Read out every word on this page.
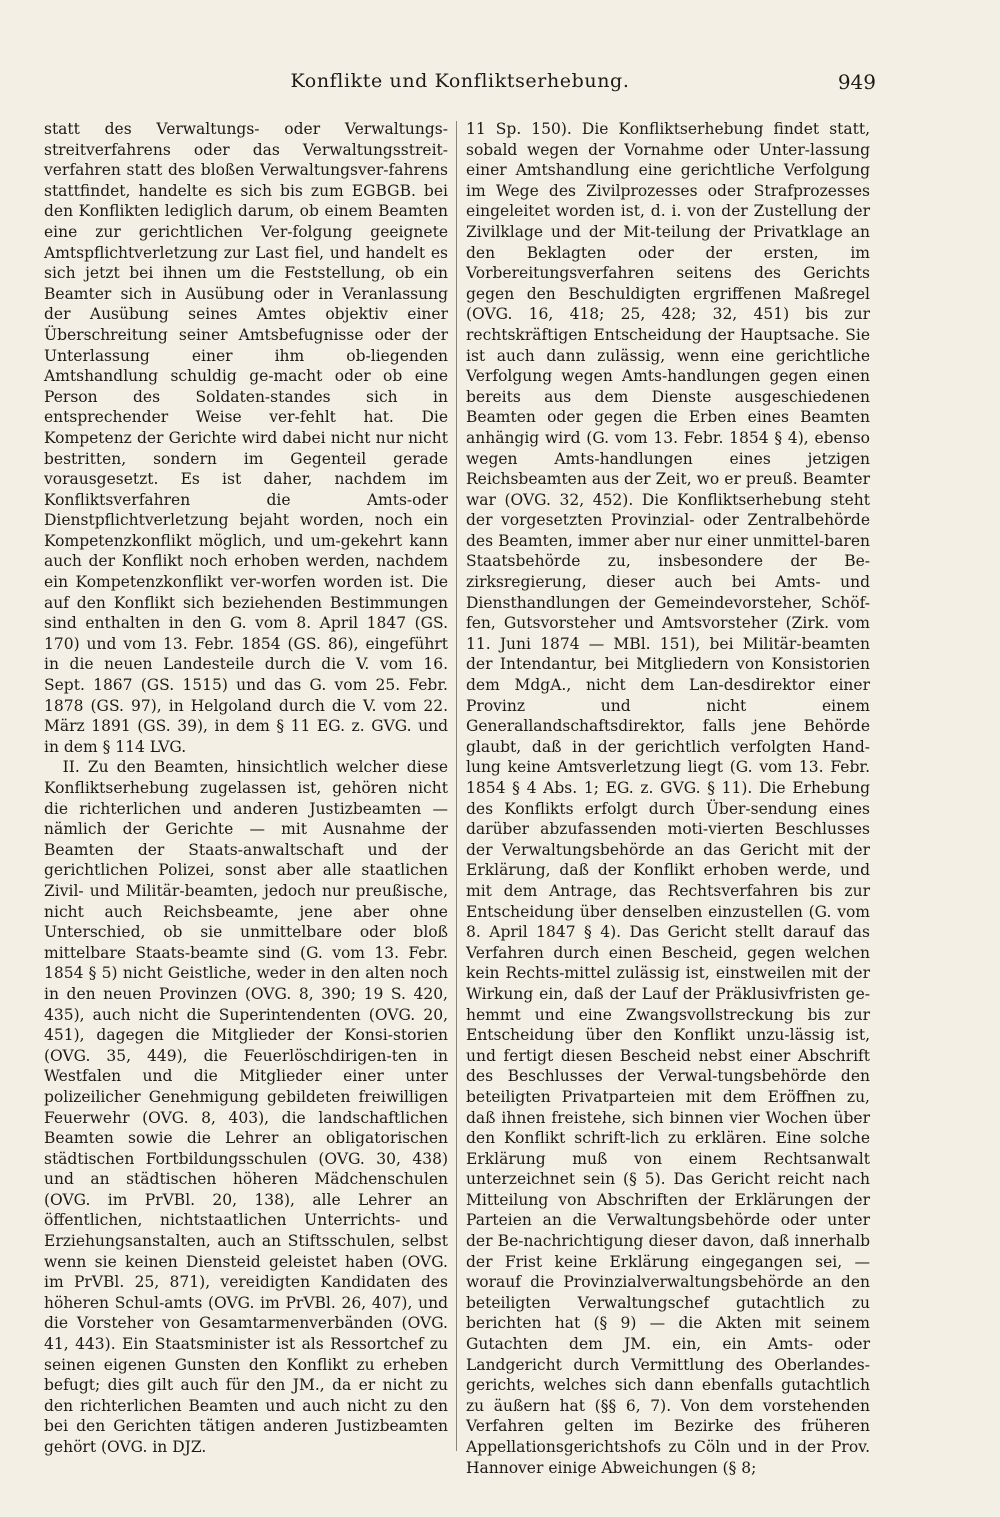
Konflikte und Konfliktserhebung.	949

statt des Verwaltungs- oder Verwaltungs-streitverfahrens oder das Verwaltungsstreit-verfahren statt des bloßen Verwaltungsver-fahrens stattfindet, handelte es sich bis zum EGBGB. bei den Konflikten lediglich darum, ob einem Beamten eine zur gerichtlichen Ver-folgung geeignete Amtspflichtverletzung zur Last fiel, und handelt es sich jetzt bei ihnen um die Feststellung, ob ein Beamter sich in Ausübung oder in Veranlassung der Ausübung seines Amtes objektiv einer Überschreitung seiner Amtsbefugnisse oder der Unterlassung einer ihm ob-liegenden Amtshandlung schuldig ge-macht oder ob eine Person des Soldaten-standes sich in entsprechender Weise ver-fehlt hat. Die Kompetenz der Gerichte wird dabei nicht nur nicht bestritten, sondern im Gegenteil gerade vorausgesetzt. Es ist daher, nachdem im Konfliktsverfahren die Amts-oder Dienstpflichtverletzung bejaht worden, noch ein Kompetenzkonflikt möglich, und um-gekehrt kann auch der Konflikt noch erhoben werden, nachdem ein Kompetenzkonflikt ver-worfen worden ist. Die auf den Konflikt sich beziehenden Bestimmungen sind enthalten in den G. vom 8. April 1847 (GS. 170) und vom 13. Febr. 1854 (GS. 86), eingeführt in die neuen Landesteile durch die V. vom 16. Sept. 1867 (GS. 1515) und das G. vom 25. Febr. 1878 (GS. 97), in Helgoland durch die V. vom 22. März 1891 (GS. 39), in dem § 11 EG. z. GVG. und in dem § 114 LVG.

II. Zu den Beamten, hinsichtlich welcher diese Konfliktserhebung zugelassen ist, gehören nicht die richterlichen und anderen Justizbeamten — nämlich der Gerichte — mit Ausnahme der Beamten der Staats-anwaltschaft und der gerichtlichen Polizei, sonst aber alle staatlichen Zivil- und Militär-beamten, jedoch nur preußische, nicht auch Reichsbeamte, jene aber ohne Unterschied, ob sie unmittelbare oder bloß mittelbare Staats-beamte sind (G. vom 13. Febr. 1854 § 5) nicht Geistliche, weder in den alten noch in den neuen Provinzen (OVG. 8, 390; 19 S. 420, 435), auch nicht die Superintendenten (OVG. 20, 451), dagegen die Mitglieder der Konsi-storien (OVG. 35, 449), die Feuerlöschdirigen-ten in Westfalen und die Mitglieder einer unter polizeilicher Genehmigung gebildeten freiwilligen Feuerwehr (OVG. 8, 403), die landschaftlichen Beamten sowie die Lehrer an obligatorischen städtischen Fortbildungsschulen (OVG. 30, 438) und an städtischen höheren Mädchenschulen (OVG. im PrVBl. 20, 138), alle Lehrer an öffentlichen, nichtstaatlichen Unterrichts- und Erziehungsanstalten, auch an Stiftsschulen, selbst wenn sie keinen Diensteid geleistet haben (OVG. im PrVBl. 25, 871), vereidigten Kandidaten des höheren Schul-amts (OVG. im PrVBl. 26, 407), und die Vorsteher von Gesamtarmenverbänden (OVG. 41, 443). Ein Staatsminister ist als Ressortchef zu seinen eigenen Gunsten den Konflikt zu erheben befugt; dies gilt auch für den JM., da er nicht zu den richterlichen Beamten und auch nicht zu den bei den Gerichten tätigen anderen Justizbeamten gehört (OVG. in DJZ.

11 Sp. 150). Die Konfliktserhebung findet statt, sobald wegen der Vornahme oder Unter-lassung einer Amtshandlung eine gerichtliche Verfolgung im Wege des Zivilprozesses oder Strafprozesses eingeleitet worden ist, d. i. von der Zustellung der Zivilklage und der Mit-teilung der Privatklage an den Beklagten oder der ersten, im Vorbereitungsverfahren seitens des Gerichts gegen den Beschuldigten ergriffenen Maßregel (OVG. 16, 418; 25, 428; 32, 451) bis zur rechtskräftigen Entscheidung der Hauptsache. Sie ist auch dann zulässig, wenn eine gerichtliche Verfolgung wegen Amts-handlungen gegen einen bereits aus dem Dienste ausgeschiedenen Beamten oder gegen die Erben eines Beamten anhängig wird (G. vom 13. Febr. 1854 § 4), ebenso wegen Amts-handlungen eines jetzigen Reichsbeamten aus der Zeit, wo er preuß. Beamter war (OVG. 32, 452). Die Konfliktserhebung steht der vorgesetzten Provinzial- oder Zentralbehörde des Beamten, immer aber nur einer unmittel-baren Staatsbehörde zu, insbesondere der Be-zirksregierung, dieser auch bei Amts- und Diensthandlungen der Gemeindevorsteher, Schöf-fen, Gutsvorsteher und Amtsvorsteher (Zirk. vom 11. Juni 1874 — MBl. 151), bei Militär-beamten der Intendantur, bei Mitgliedern von Konsistorien dem MdgA., nicht dem Lan-desdirektor einer Provinz und nicht einem Generallandschaftsdirektor, falls jene Behörde glaubt, daß in der gerichtlich verfolgten Hand-lung keine Amtsverletzung liegt (G. vom 13. Febr. 1854 § 4 Abs. 1; EG. z. GVG. § 11). Die Erhebung des Konflikts erfolgt durch Über-sendung eines darüber abzufassenden moti-vierten Beschlusses der Verwaltungsbehörde an das Gericht mit der Erklärung, daß der Konflikt erhoben werde, und mit dem Antrage, das Rechtsverfahren bis zur Entscheidung über denselben einzustellen (G. vom 8. April 1847 § 4). Das Gericht stellt darauf das Verfahren durch einen Bescheid, gegen welchen kein Rechts-mittel zulässig ist, einstweilen mit der Wirkung ein, daß der Lauf der Präklusivfristen ge-hemmt und eine Zwangsvollstreckung bis zur Entscheidung über den Konflikt unzu-lässig ist, und fertigt diesen Bescheid nebst einer Abschrift des Beschlusses der Verwal-tungsbehörde den beteiligten Privatparteien mit dem Eröffnen zu, daß ihnen freistehe, sich binnen vier Wochen über den Konflikt schrift-lich zu erklären. Eine solche Erklärung muß von einem Rechtsanwalt unterzeichnet sein (§ 5). Das Gericht reicht nach Mitteilung von Abschriften der Erklärungen der Parteien an die Verwaltungsbehörde oder unter der Be-nachrichtigung dieser davon, daß innerhalb der Frist keine Erklärung eingegangen sei, — worauf die Provinzialverwaltungsbehörde an den beteiligten Verwaltungschef gutachtlich zu berichten hat (§ 9) — die Akten mit seinem Gutachten dem JM. ein, ein Amts- oder Landgericht durch Vermittlung des Oberlandes-gerichts, welches sich dann ebenfalls gutachtlich zu äußern hat (§§ 6, 7). Von dem vorstehenden Verfahren gelten im Bezirke des früheren Appellationsgerichtshofs zu Cöln und in der Prov. Hannover einige Abweichungen (§ 8;
